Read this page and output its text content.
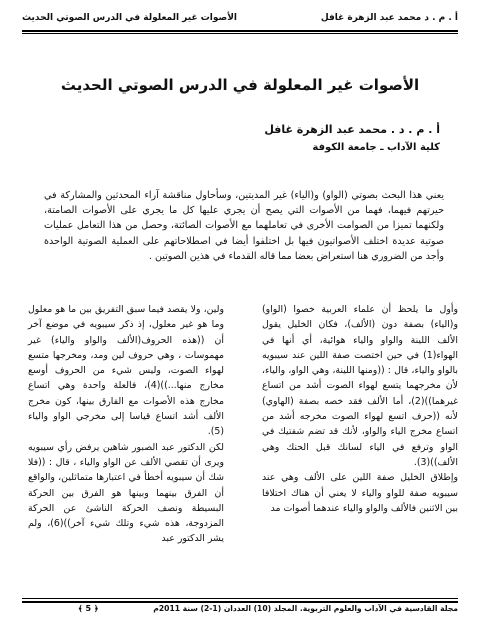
أ . م . د محمد عبد الزهرة غافل
الأصوات غير المعلولة في الدرس الصوتي الحديث
الأصوات غير المعلولة في الدرس الصوتي الحديث
أ . م . د . محمد عبد الزهرة غافل
كلية الآداب ـ جامعة الكوفة

يعني هذا البحث بصوتي (الواو) و(الياء) غير المديتين، وسأحاول مناقشة آراء المحدثين والمشاركة في حيرتهم فيهما، فهما من الأصوات التي يصح أن يجري عليها كل ما يجري على الأصوات الصامتة، ولكنهما تميزا من الصوامت الأخرى في تعاملهما مع الأصوات الصائتة، وحصل من هذا التعامل عمليات صوتية عديدة اختلف الأصواتيون فيها بل اختلفوا أيضا في اصطلاحاتهم على العملية الصوتية الواحدة وأجد من الضروري هنا استعراض بعضا مما قاله القدماء في هذين الصوتين .

وأول ما يلحظ أن علماء العربية خصوا (الواو) و(الياء) بصفة دون (الألف)، فكان الخليل يقول الألف اللينة والواو والياء هوائية، أي أنها في الهواء(1) في حين اختصت صفة اللين عند سيبويه بالواو والياء، قال : ((ومنها اللينة، وهي الواو، والياء، لأن مخرجهما يتسع لهواء الصوت أشد من اتساع غيرهما))(2)، أما الألف فقد خصه بصفة (الهاوي) لأنه ((حرف اتسع لهواء الصوت مخرجه أشد من اتساع مخرج الياء والواو، لأنك قد تضم شفتيك في الواو وترفع في الياء لسانك قبل الحنك وهي الألف))(3).

وإطلاق الخليل صفة اللين على الألف وهي عند سيبويه صفة للواو والياء لا يعني أن هناك اختلافا بين الاثنين فالألف والواو والياء عندهما أصوات مد

ولين، ولا يقصد فيما سبق التفريق بين ما هو معلول وما هو غير معلول، إذ ذكر سيبويه في موضع آخر أن ((هذه الحروف(الألف والواو والياء) غير مهموسات ، وهي حروف لين ومد، ومخرجها متسع لهواء الصوت، وليس شيء من الحروف أوسع مخارج منها...))(4)، فالعلة واحدة وهي اتساع مخارج هذه الأصوات مع الفارق بينها، كون مخرج الألف أشد اتساع قياسا إلى مخرجي الواو والياء (5).

لكن الدكتور عبد الصبور شاهين يرفض رأي سيبويه ويرى أن تقصي الألف عن الواو والياء ، قال : ((فلا شك أن سيبويه أخطأ في اعتبارها متماثلين، والواقع أن الفرق بينهما وبينها هو الفرق بين الحركة البسيطة ونصف الحركة الناشئ عن الحركة المزدوجة، هذه شيء وتلك شيء آخر))(6)، ولم يشر الدكتور عبد

مجلة القادسية في الآداب والعلوم التربوية. المجلد (10) العددان (1-2) سنة 2011م
﴿ 5 ﴾
